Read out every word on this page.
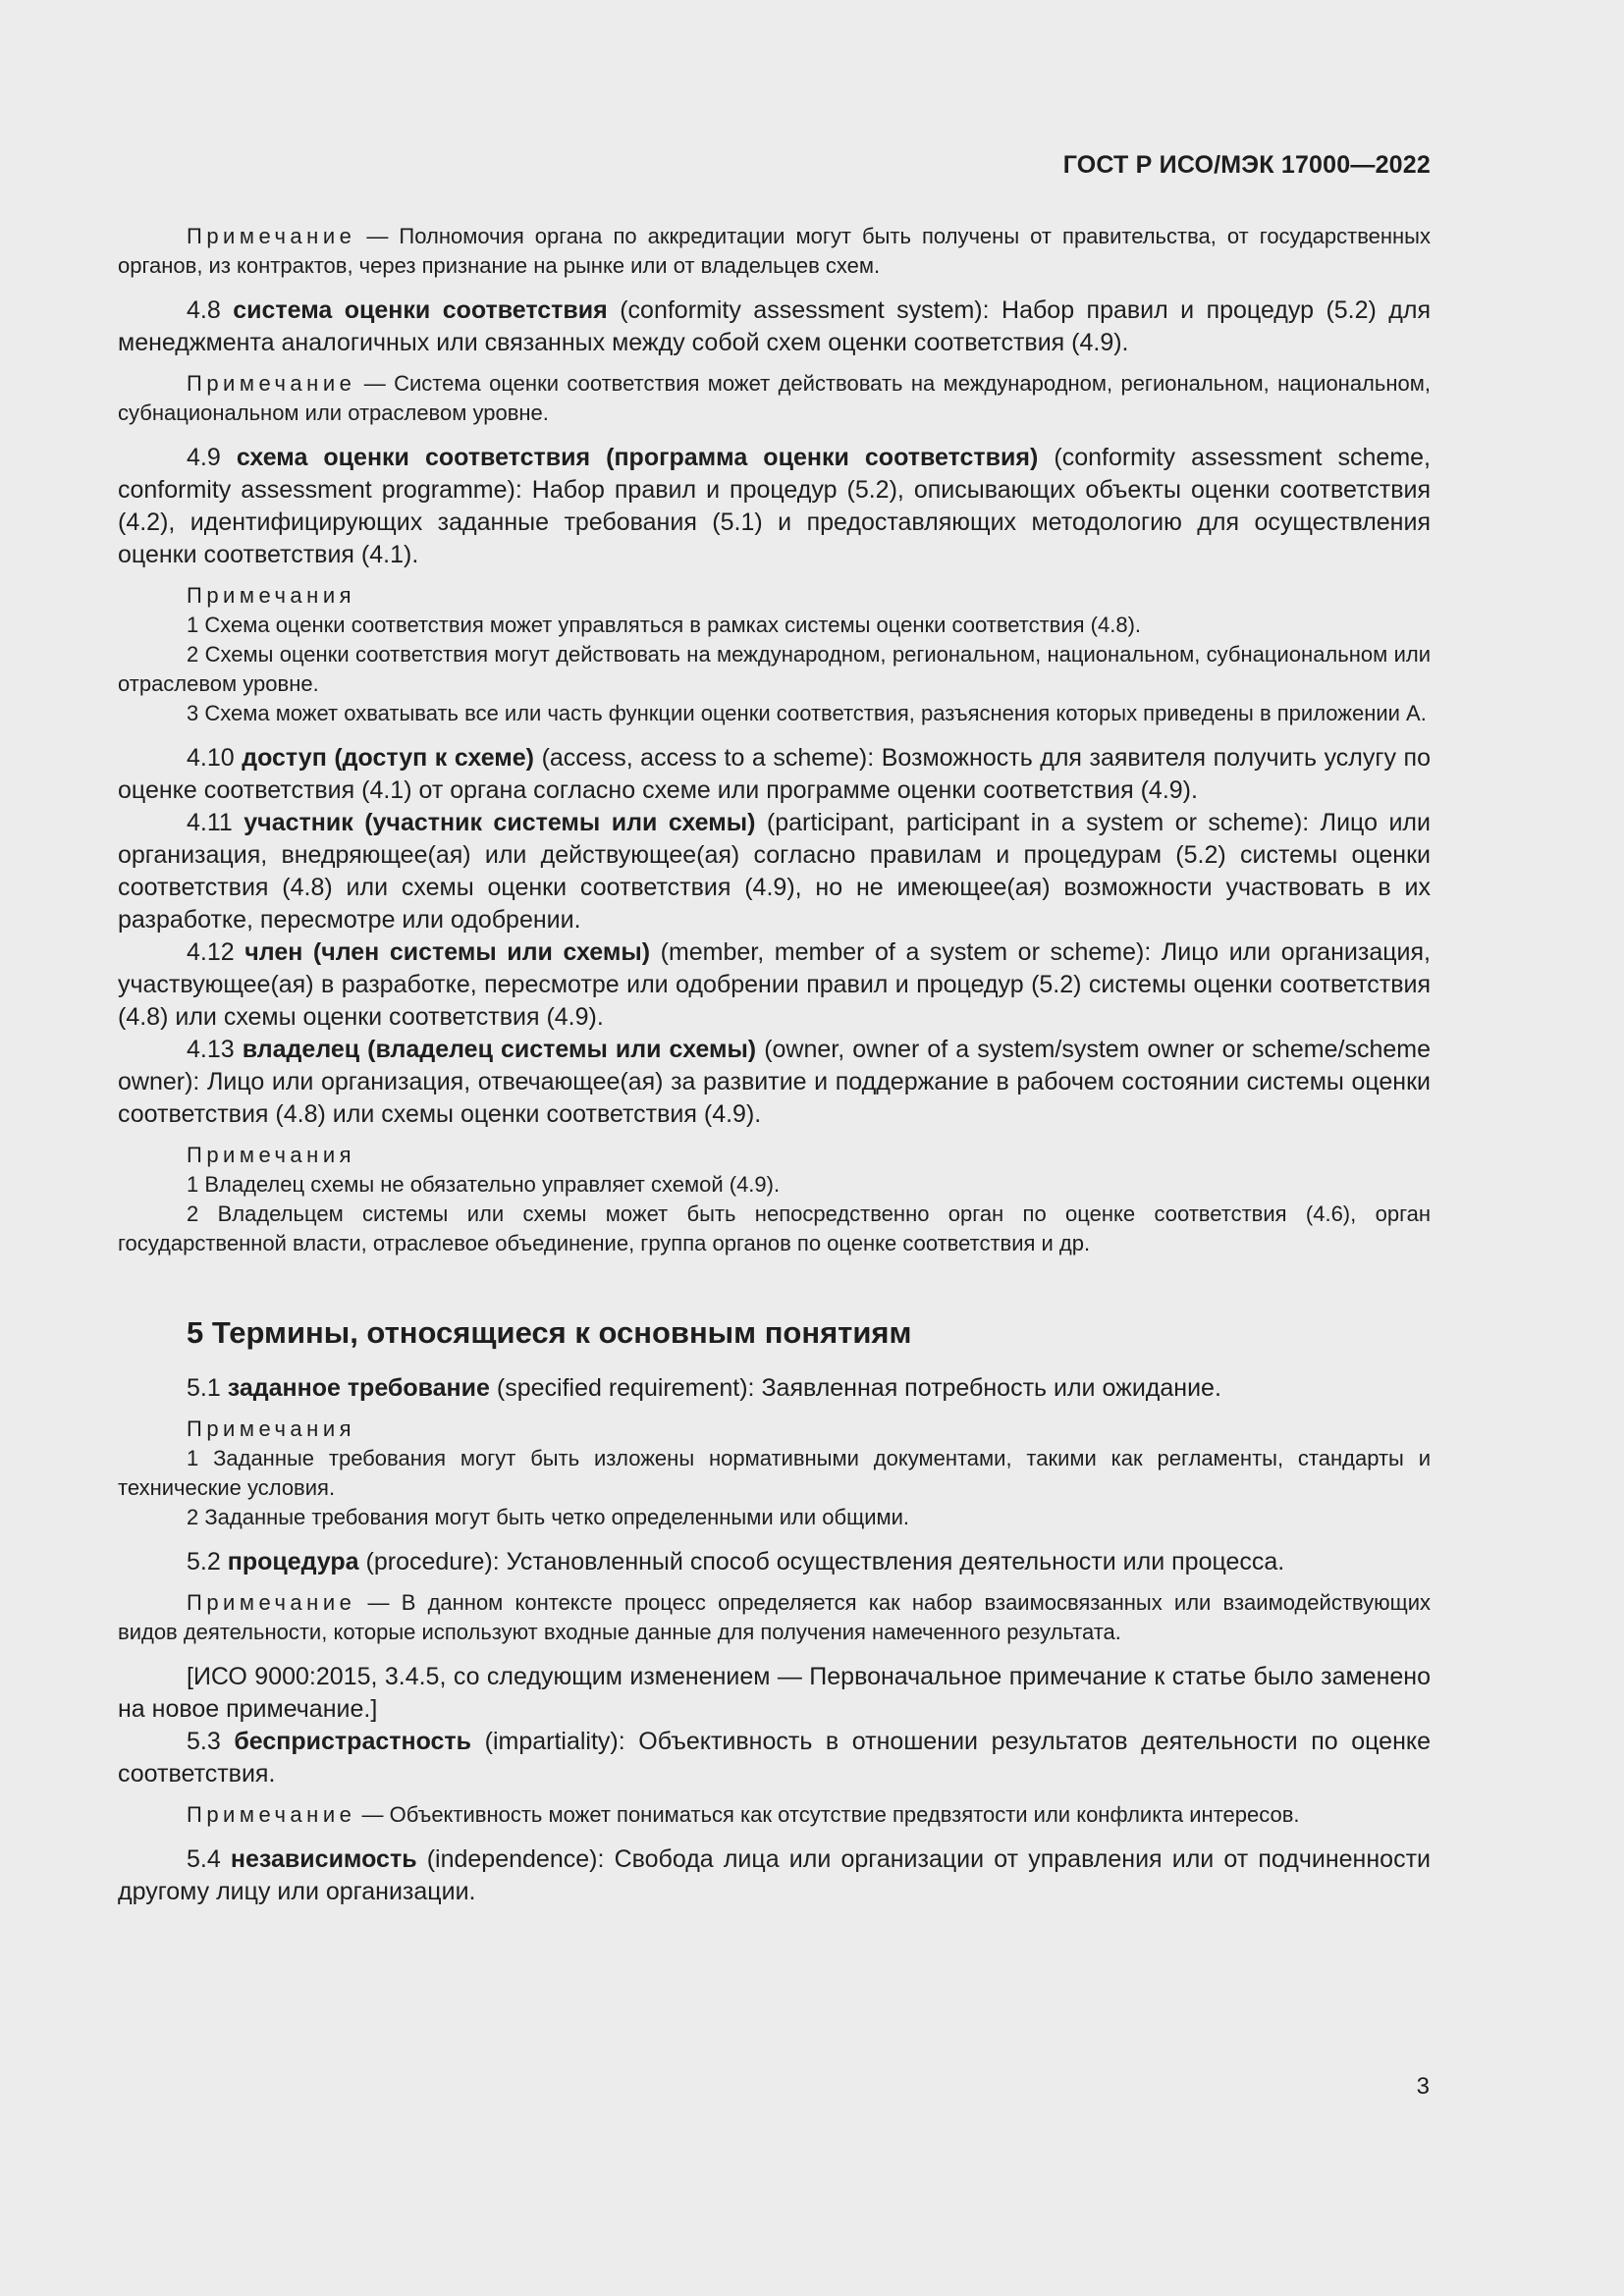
ГОСТ Р ИСО/МЭК 17000—2022

Примечание — Полномочия органа по аккредитации могут быть получены от правительства, от государственных органов, из контрактов, через признание на рынке или от владельцев схем.

4.8 система оценки соответствия (conformity assessment system): Набор правил и процедур (5.2) для менеджмента аналогичных или связанных между собой схем оценки соответствия (4.9).

Примечание — Система оценки соответствия может действовать на международном, региональном, национальном, субнациональном или отраслевом уровне.

4.9 схема оценки соответствия (программа оценки соответствия) (conformity assessment scheme, conformity assessment programme): Набор правил и процедур (5.2), описывающих объекты оценки соответствия (4.2), идентифицирующих заданные требования (5.1) и предоставляющих методологию для осуществления оценки соответствия (4.1).

Примечания

1 Схема оценки соответствия может управляться в рамках системы оценки соответствия (4.8).

2 Схемы оценки соответствия могут действовать на международном, региональном, национальном, субнациональном или отраслевом уровне.

3 Схема может охватывать все или часть функции оценки соответствия, разъяснения которых приведены в приложении А.

4.10 доступ (доступ к схеме) (access, access to a scheme): Возможность для заявителя получить услугу по оценке соответствия (4.1) от органа согласно схеме или программе оценки соответствия (4.9).

4.11 участник (участник системы или схемы) (participant, participant in a system or scheme): Лицо или организация, внедряющее(ая) или действующее(ая) согласно правилам и процедурам (5.2) системы оценки соответствия (4.8) или схемы оценки соответствия (4.9), но не имеющее(ая) возможности участвовать в их разработке, пересмотре или одобрении.

4.12 член (член системы или схемы) (member, member of a system or scheme): Лицо или организация, участвующее(ая) в разработке, пересмотре или одобрении правил и процедур (5.2) системы оценки соответствия (4.8) или схемы оценки соответствия (4.9).

4.13 владелец (владелец системы или схемы) (owner, owner of a system/system owner or scheme/scheme owner): Лицо или организация, отвечающее(ая) за развитие и поддержание в рабочем состоянии системы оценки соответствия (4.8) или схемы оценки соответствия (4.9).

Примечания

1 Владелец схемы не обязательно управляет схемой (4.9).

2 Владельцем системы или схемы может быть непосредственно орган по оценке соответствия (4.6), орган государственной власти, отраслевое объединение, группа органов по оценке соответствия и др.

5 Термины, относящиеся к основным понятиям

5.1 заданное требование (specified requirement): Заявленная потребность или ожидание.

Примечания

1 Заданные требования могут быть изложены нормативными документами, такими как регламенты, стандарты и технические условия.

2 Заданные требования могут быть четко определенными или общими.

5.2 процедура (procedure): Установленный способ осуществления деятельности или процесса.

Примечание — В данном контексте процесс определяется как набор взаимосвязанных или взаимодействующих видов деятельности, которые используют входные данные для получения намеченного результата.

[ИСО 9000:2015, 3.4.5, со следующим изменением — Первоначальное примечание к статье было заменено на новое примечание.]

5.3 беспристрастность (impartiality): Объективность в отношении результатов деятельности по оценке соответствия.

Примечание — Объективность может пониматься как отсутствие предвзятости или конфликта интересов.

5.4 независимость (independence): Свобода лица или организации от управления или от подчиненности другому лицу или организации.

3
